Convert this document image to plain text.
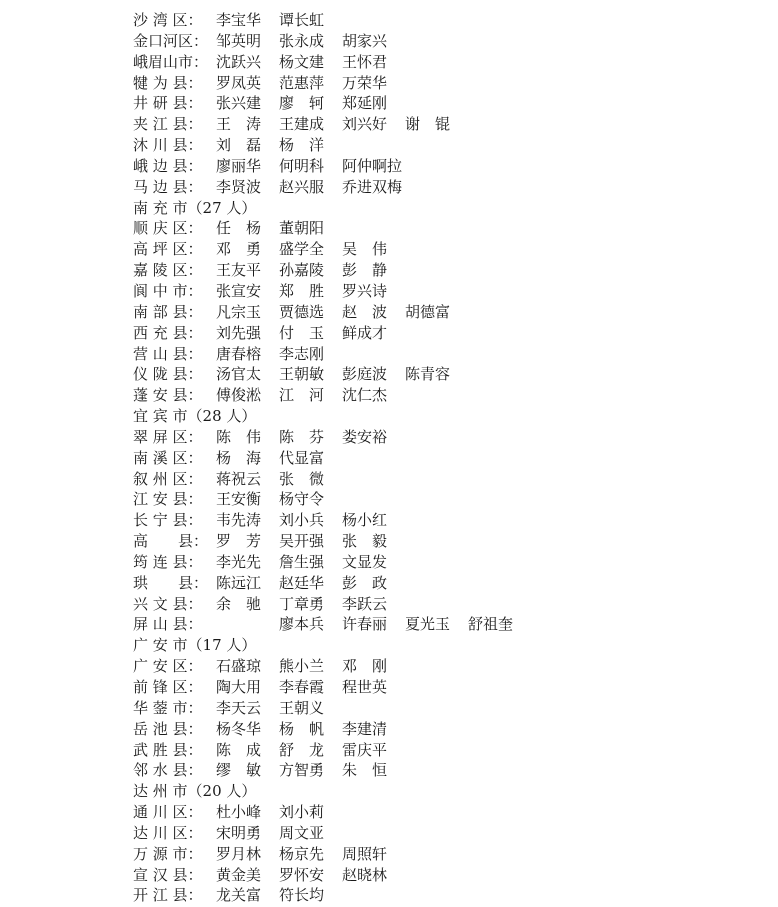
沙 湾 区： 李宝华 谭长虹
金口河区： 邹英明 张永成 胡家兴
峨眉山市： 沈跃兴 杨文建 王怀君
犍 为 县： 罗凤英 范惠萍 万荣华
井 研 县： 张兴建 廖　轲 郑延刚
夹 江 县： 王　涛 王建成 刘兴好 谢　锟
沐 川 县： 刘　磊 杨　洋
峨 边 县： 廖丽华 何明科 阿仲啊拉
马 边 县： 李贤波 赵兴服 乔进双梅
南 充 市（27 人）
顺 庆 区： 任　杨 董朝阳
高 坪 区： 邓　勇 盛学全 吴　伟
嘉 陵 区： 王友平 孙嘉陵 彭　静
阆 中 市： 张宣安 郑　胜 罗兴诗
南 部 县： 凡宗玉 贾德选 赵　波 胡德富
西 充 县： 刘先强 付　玉 鲜成才
营 山 县： 唐春榕 李志刚
仪 陇 县： 汤官太 王朝敏 彭庭波 陈青容
蓬 安 县： 傅俊淞 江　河 沈仁杰
宜 宾 市（28 人）
翠 屏 区： 陈　伟 陈　芬 娄安裕
南 溪 区： 杨　海 代显富
叙 州 区： 蒋祝云 张　微
江 安 县： 王安衡 杨守令
长 宁 县： 韦先涛 刘小兵 杨小红
高　　县： 罗　芳 吴开强 张　毅
筠 连 县： 李光先 詹生强 文显发
珙　　县： 陈远江 赵廷华 彭　政
兴 文 县： 余　驰 丁章勇 李跃云
屏 山 县：	廖本兵 许春丽 夏光玉 舒祖奎
广 安 市（17 人）
广 安 区： 石盛琼 熊小兰 邓　刚
前 锋 区： 陶大用 李春霞 程世英
华 蓥 市： 李天云 王朝义
岳 池 县： 杨冬华 杨　帆 李建清
武 胜 县： 陈　成 舒　龙 雷庆平
邻 水 县： 缪　敏 方智勇 朱　恒
达 州 市（20 人）
通 川 区： 杜小峰 刘小莉
达 川 区： 宋明勇 周文亚
万 源 市： 罗月林 杨京先 周照轩
宣 汉 县： 黄金美 罗怀安 赵晓林
开 江 县： 龙关富 符长均
